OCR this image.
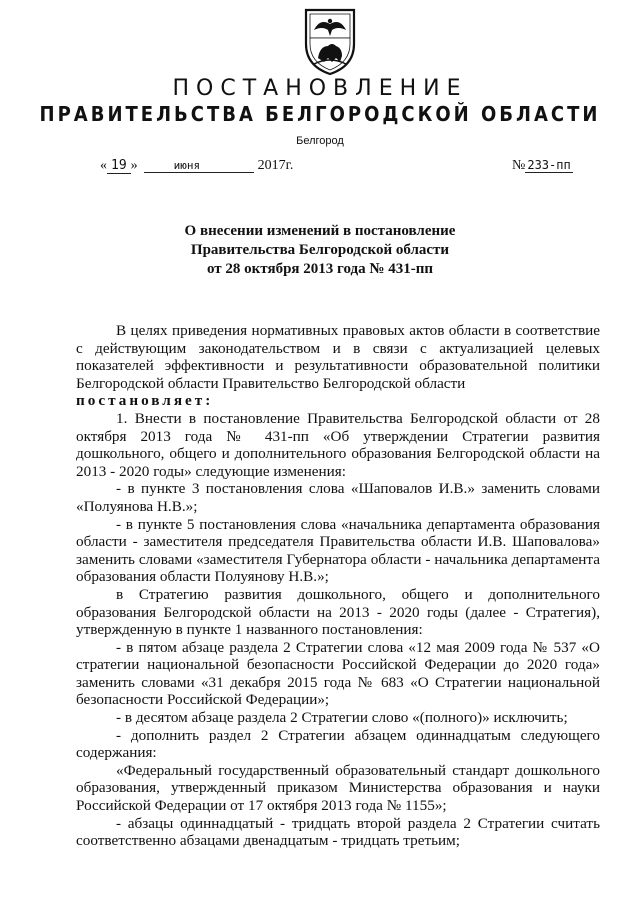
ПОСТАНОВЛЕНИЕ
ПРАВИТЕЛЬСТВА БЕЛГОРОДСКОЙ ОБЛАСТИ
Белгород
« 19 »	июня	2017г.	№ 233-пп
О внесении изменений в постановление
Правительства Белгородской области
от 28 октября 2013 года № 431-пп

В целях приведения нормативных правовых актов области в соответствие с действующим законодательством и в связи с актуализацией целевых показателей эффективности и результативности образовательной политики Белгородской области Правительство Белгородской области

постановляет:

1. Внести в постановление Правительства Белгородской области от 28 октября 2013 года № 431-пп «Об утверждении Стратегии развития дошкольного, общего и дополнительного образования Белгородской области на 2013 - 2020 годы» следующие изменения:

- в пункте 3 постановления слова «Шаповалов И.В.» заменить словами «Полуянова Н.В.»;

- в пункте 5 постановления слова «начальника департамента образования области - заместителя председателя Правительства области И.В. Шаповалова» заменить словами «заместителя Губернатора области - начальника департамента образования области Полуянову Н.В.»;

в Стратегию развития дошкольного, общего и дополнительного образования Белгородской области на 2013 - 2020 годы (далее - Стратегия), утвержденную в пункте 1 названного постановления:

- в пятом абзаце раздела 2 Стратегии слова «12 мая 2009 года № 537 «О стратегии национальной безопасности Российской Федерации до 2020 года» заменить словами «31 декабря 2015 года № 683 «О Стратегии национальной безопасности Российской Федерации»;

- в десятом абзаце раздела 2 Стратегии слово «(полного)» исключить;

- дополнить раздел 2 Стратегии абзацем одиннадцатым следующего содержания:

«Федеральный государственный образовательный стандарт дошкольного образования, утвержденный приказом Министерства образования и науки Российской Федерации от 17 октября 2013 года № 1155»;

- абзацы одиннадцатый - тридцать второй раздела 2 Стратегии считать соответственно абзацами двенадцатым - тридцать третьим;
